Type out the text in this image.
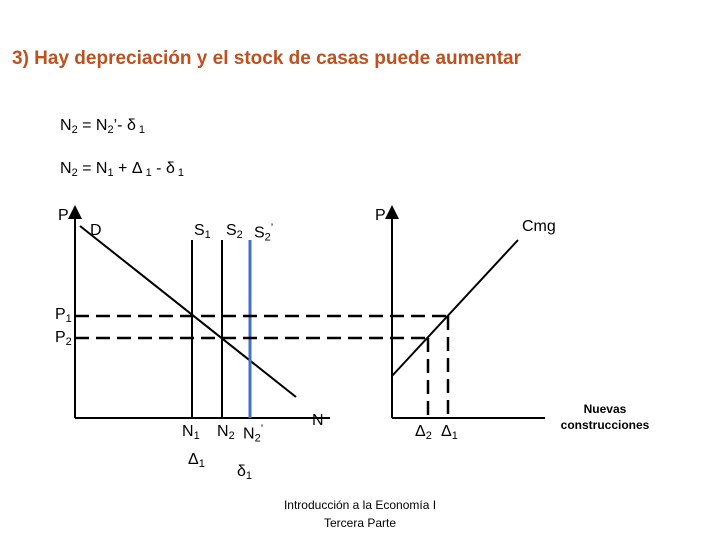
3) Hay depreciación y el stock de casas puede aumentar
$N_2$ = $N_2’-$ δ $_1$
$N_2 = N_1 + \Delta$ $_1$ - δ $_1$
P
D	$S_1$ $S_2$ $S_2^’$
$P_1$
$P_2$
$N_1$ $N_2$ $N_2^’$
$\Delta_1$ $\delta_1$
P
Cmg
N
$\Delta_2$ $\Delta_1$
Nuevas construcciones
Introducción a la Economía I
Tercera Parte
